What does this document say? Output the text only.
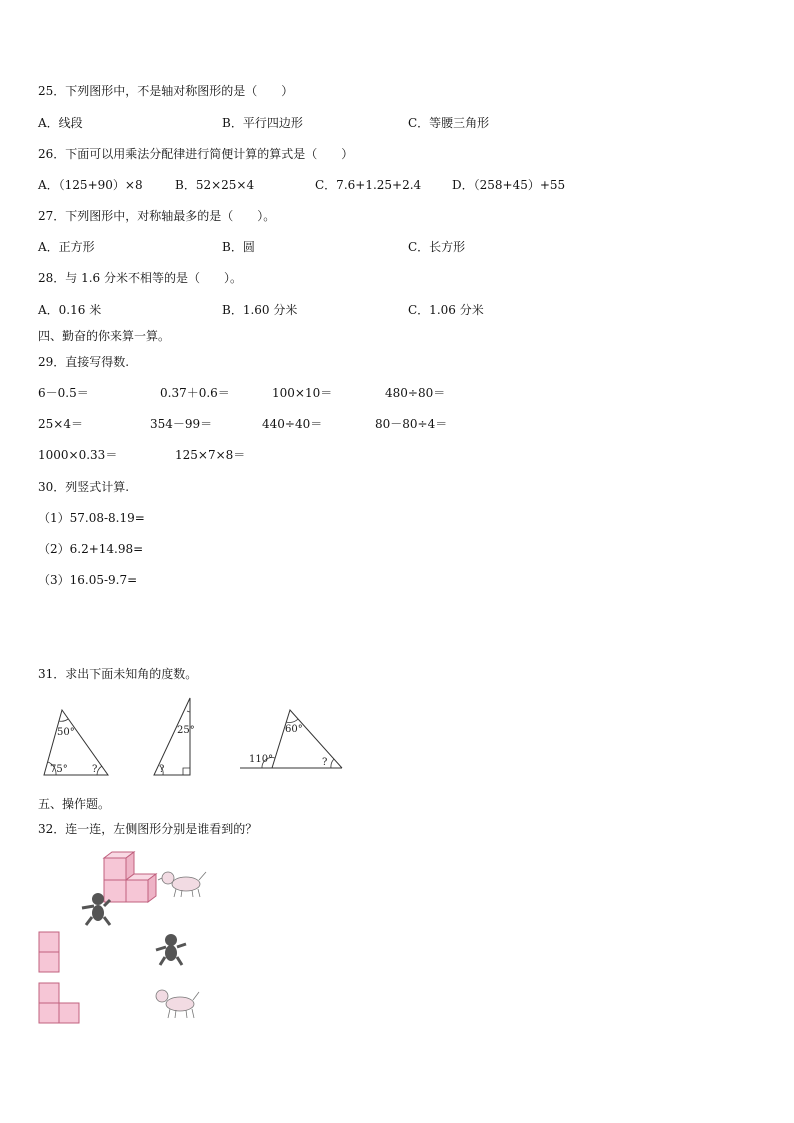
25．下列图形中，不是轴对称图形的是（　　）
A．线段	B．平行四边形	C．等腰三角形
26．下面可以用乘法分配律进行简便计算的算式是（　　）
A．（125+90）×8	B．52×25×4	C．7.6+1.25+2.4	D．（258+45）+55
27．下列图形中，对称轴最多的是（　　）。
A．正方形	B．圆	C．长方形
28．与 1.6 分米不相等的是（　　）。
A．0.16 米	B．1.60 分米	C．1.06 分米
四、勤奋的你来算一算。
29．直接写得数.
6－0.5＝	0.37＋0.6＝	100×10＝	480÷80＝
25×4＝	354－99＝	440÷40＝	80－80÷4＝
1000×0.33＝	125×7×8＝
30．列竖式计算.
（1）57.08-8.19=
（2）6.2+14.98=
（3）16.05-9.7=
31．求出下面未知角的度数。
50°
75° ?
25°
?
60°
110°	?
五、操作题。
32．连一连，左侧图形分别是谁看到的？
